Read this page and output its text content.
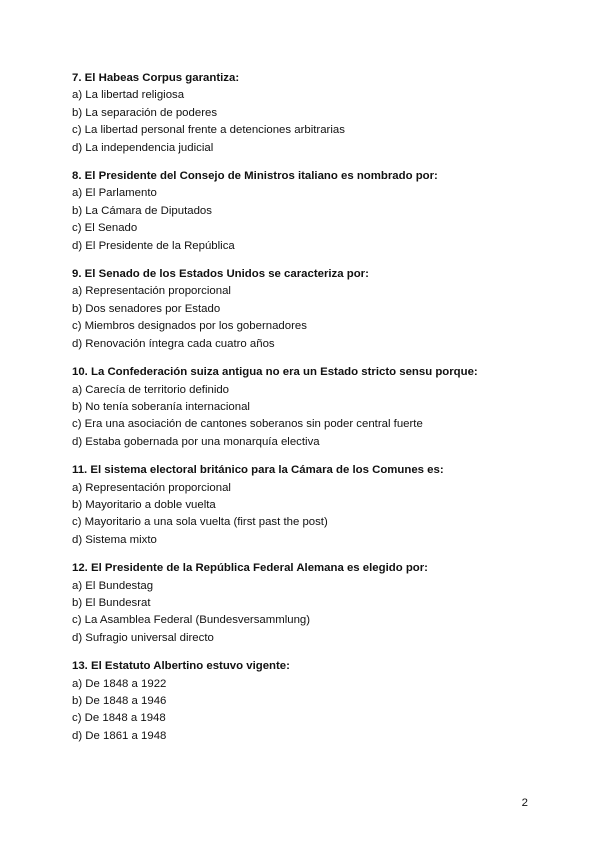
7. El Habeas Corpus garantiza:

a) La libertad religiosa

b) La separación de poderes

c) La libertad personal frente a detenciones arbitrarias

d) La independencia judicial

8. El Presidente del Consejo de Ministros italiano es nombrado por:

a) El Parlamento

b) La Cámara de Diputados

c) El Senado

d) El Presidente de la República

9. El Senado de los Estados Unidos se caracteriza por:

a) Representación proporcional

b) Dos senadores por Estado

c) Miembros designados por los gobernadores

d) Renovación íntegra cada cuatro años

10. La Confederación suiza antigua no era un Estado stricto sensu porque:

a) Carecía de territorio definido

b) No tenía soberanía internacional

c) Era una asociación de cantones soberanos sin poder central fuerte

d) Estaba gobernada por una monarquía electiva

11. El sistema electoral británico para la Cámara de los Comunes es:

a) Representación proporcional

b) Mayoritario a doble vuelta

c) Mayoritario a una sola vuelta (first past the post)

d) Sistema mixto

12. El Presidente de la República Federal Alemana es elegido por:

a) El Bundestag

b) El Bundesrat

c) La Asamblea Federal (Bundesversammlung)

d) Sufragio universal directo

13. El Estatuto Albertino estuvo vigente:

a) De 1848 a 1922

b) De 1848 a 1946

c) De 1848 a 1948

d) De 1861 a 1948

2
